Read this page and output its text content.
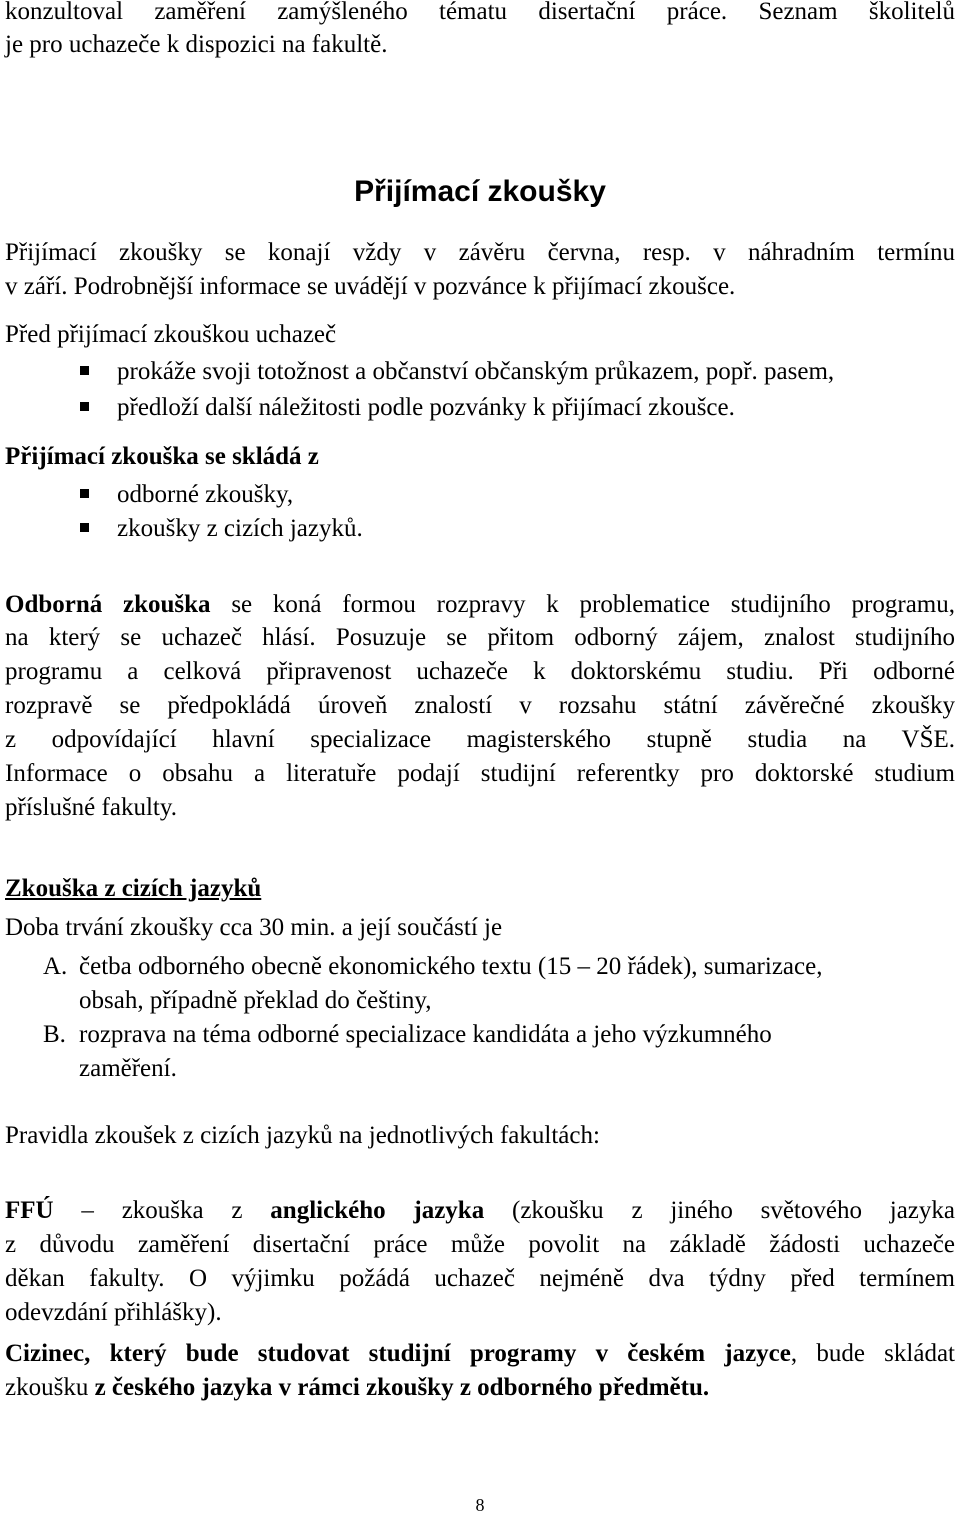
konzultoval zaměření zamýšleného tématu disertační práce. Seznam školitelů
je pro uchazeče k dispozici na fakultě.
Přijímací zkoušky
Přijímací zkoušky se konají vždy v závěru června, resp. v náhradním termínu
v září. Podrobnější informace se uvádějí v pozvánce k přijímací zkoušce.
Před přijímací zkouškou uchazeč
prokáže svoji totožnost a občanství občanským průkazem, popř. pasem,
předloží další náležitosti podle pozvánky k přijímací zkoušce.
Přijímací zkouška se skládá z
odborné zkoušky,
zkoušky z cizích jazyků.
Odborná zkouška se koná formou rozpravy k problematice studijního programu,
na který se uchazeč hlásí. Posuzuje se přitom odborný zájem, znalost studijního
programu a celková připravenost uchazeče k doktorskému studiu. Při odborné
rozpravě se předpokládá úroveň znalostí v rozsahu státní závěrečné zkoušky
z odpovídající hlavní specializace magisterského stupně studia na VŠE.
Informace o obsahu a literatuře podají studijní referentky pro doktorské studium
příslušné fakulty.
Zkouška z cizích jazyků
Doba trvání zkoušky cca 30 min. a její součástí je
A. četba odborného obecně ekonomického textu (15 – 20 řádek), sumarizace,
obsah, případně překlad do češtiny,
B. rozprava na téma odborné specializace kandidáta a jeho výzkumného
zaměření.
Pravidla zkoušek z cizích jazyků na jednotlivých fakultách:
FFÚ – zkouška z anglického jazyka (zkoušku z jiného světového jazyka
z důvodu zaměření disertační práce může povolit na základě žádosti uchazeče
děkan fakulty. O výjimku požádá uchazeč nejméně dva týdny před termínem
odevzdání přihlášky).
Cizinec, který bude studovat studijní programy v českém jazyce, bude skládat
zkoušku z českého jazyka v rámci zkoušky z odborného předmětu.
8
